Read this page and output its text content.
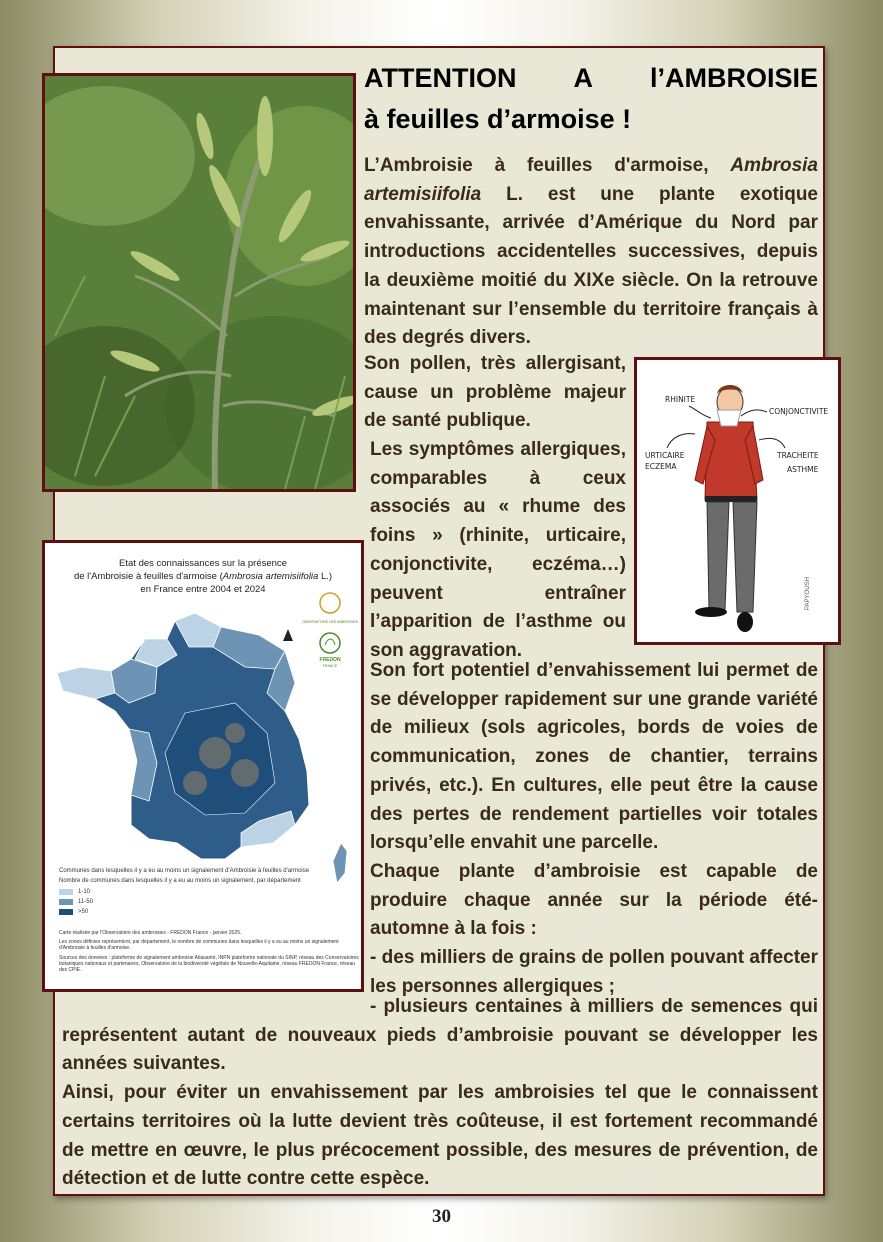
ATTENTION A l’AMBROISIE
à feuilles d’armoise !

L’Ambroisie à feuilles d'armoise, Ambrosia artemisiifolia L. est une plante exotique envahissante, arrivée d’Amérique du Nord par introductions accidentelles successives, depuis la deuxième moitié du XIXe siècle. On la retrouve maintenant sur l’ensemble du territoire français à des degrés divers.

Son pollen, très allergisant, cause un problème majeur de santé publique.

Les symptômes allergiques, comparables à ceux associés au « rhume des foins » (rhinite, urticaire, conjonctivite, eczéma…) peuvent entraîner l’apparition de l’asthme ou son aggravation.

RHINITE
CONJONCTIVITE
URTICAIRE
ECZEMA
TRACHEITE
ASTHME
PAPYOUSH
Etat des connaissances sur la présence
de l'Ambroisie à feuilles d'armoise (Ambrosia artemisiifolia L.)
en France entre 2004 et 2024
OBSERVATOIRE DES AMBROISIES
FREDON
FRANCE
Communes dans lesquelles il y a eu au moins un signalement d'Ambroisie à feuilles d'armoise
Nombre de communes dans lesquelles il y a eu au moins un signalement, par département
1-10
11-50
>50
Carte réalisée par l'Observatoire des ambroisies - FREDON France - janvier 2025.
Les zones définies représentent, par département, le nombre de communes dans lesquelles il y a eu au moins un signalement d'Ambroisie à feuilles d'armoise.
Sources des données : plateforme de signalement ambroisie Atlasanté, INPN plateforme nationale du SINP, réseau des Conservatoires botaniques nationaux et partenaires, Observatoire de la biodiversité végétale de Nouvelle-Aquitaine, réseau FREDON France, réseau des CPIE.

Son fort potentiel d’envahissement lui permet de se développer rapidement sur une grande variété de milieux (sols agricoles, bords de voies de communication, zones de chantier, terrains privés, etc.). En cultures, elle peut être la cause des pertes de rendement partielles voir totales lorsqu’elle envahit une parcelle.

Chaque plante d’ambroisie est capable de produire chaque année sur la période été-automne à la fois :

- des milliers de grains de pollen pouvant affecter les personnes allergiques ;

- plusieurs centaines à milliers de semences qui représentent autant de nouveaux pieds d’ambroisie pouvant se développer les années suivantes.

Ainsi, pour éviter un envahissement par les ambroisies tel que le connaissent certains territoires où la lutte devient très coûteuse, il est fortement recommandé de mettre en œuvre, le plus précocement possible, des mesures de prévention, de détection et de lutte contre cette espèce.

30
